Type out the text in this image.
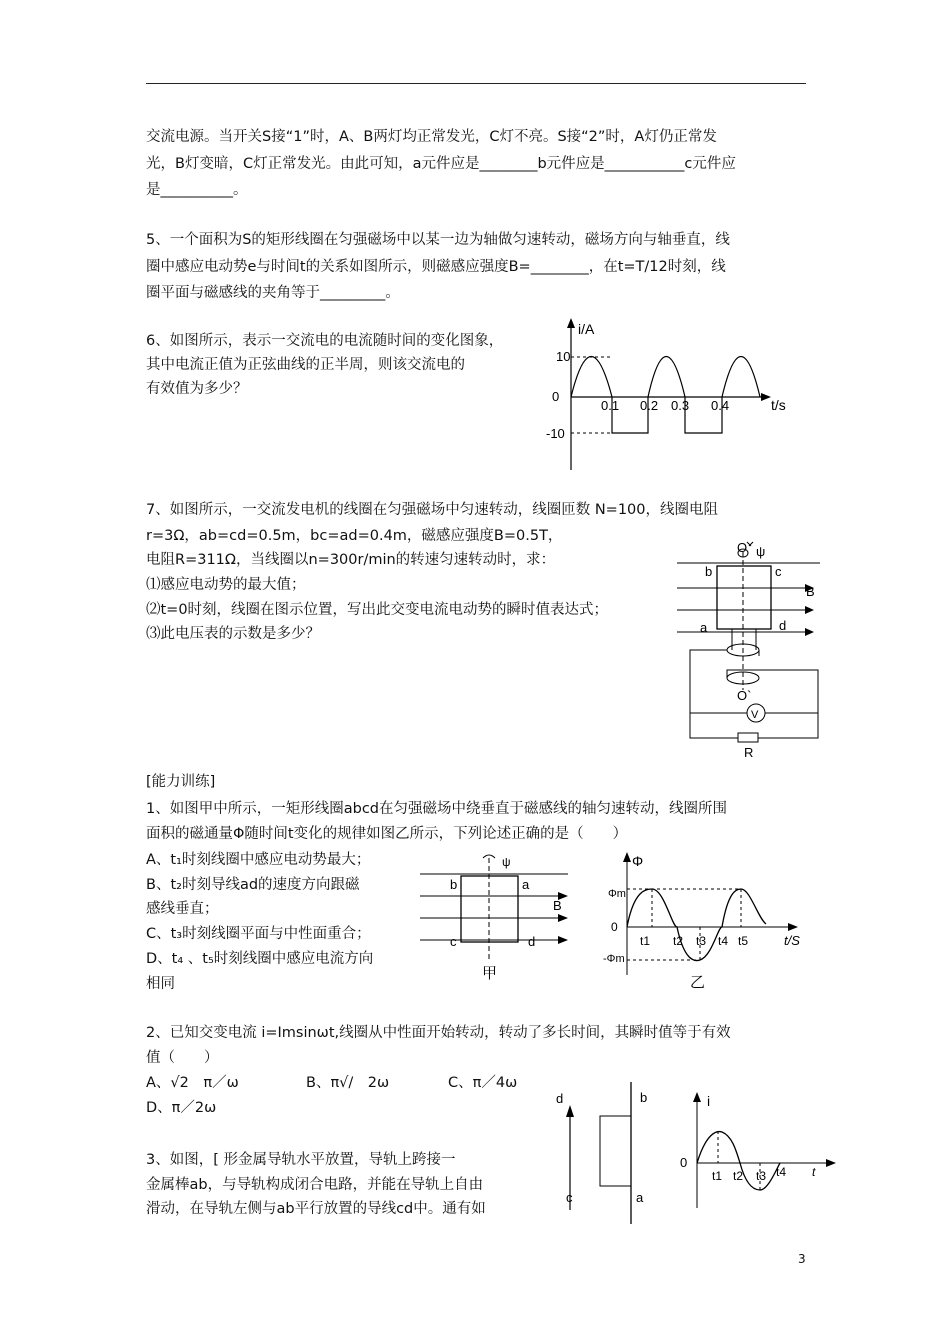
交流电源。当开关S接“1”时，A、B两灯均正常发光，C灯不亮。S接“2”时，A灯仍正常发
光，B灯变暗，C灯正常发光。由此可知，a元件应是________b元件应是___________c元件应
是__________。
5、一个面积为S的矩形线圈在匀强磁场中以某一边为轴做匀速转动，磁场方向与轴垂直，线
圈中感应电动势e与时间t的关系如图所示，则磁感应强度B=________，在t=T/12时刻，线
圈平面与磁感线的夹角等于_________。
6、如图所示，表示一交流电的电流随时间的变化图象，
其中电流正值为正弦曲线的正半周，则该交流电的
有效值为多少？
i/A
10
0
-10
0.1 0.2 0.3 0.4	t/s
7、如图所示，一交流发电机的线圈在匀强磁场中匀速转动，线圈匝数 N=100，线圈电阻
r=3Ω，ab=cd=0.5m，bc=ad=0.4m，磁感应强度B=0.5T，
电阻R=311Ω，当线圈以n=300r/min的转速匀速转动时，求：
⑴感应电动势的最大值；
⑵t=0时刻，线圈在图示位置，写出此交变电流电动势的瞬时值表达式；
⑶此电压表的示数是多少？
O ψ
b	c
B
a	d
O`
V
R
[能力训练]
1、如图甲中所示，一矩形线圈abcd在匀强磁场中绕垂直于磁感线的轴匀速转动，线圈所围
面积的磁通量Φ随时间t变化的规律如图乙所示，下列论述正确的是（　　）
A、t₁时刻线圈中感应电动势最大；
B、t₂时刻导线ad的速度方向跟磁
感线垂直；
C、t₃时刻线圈平面与中性面重合；
D、t₄ 、t₅时刻线圈中感应电流方向
相同
ψ
b	a
B
c	d
甲
Φ
Φm
0
-Φm
t1 t2 t3 t4 t5	t/S
乙
2、已知交变电流 i=Imsinωt,线圈从中性面开始转动，转动了多长时间，其瞬时值等于有效
值（　　）
A、√2　π／ω	B、π√/　2ω	C、π／4ω
D、π／2ω
3、如图，[ 形金属导轨水平放置，导轨上跨接一
金属棒ab，与导轨构成闭合电路，并能在导轨上自由
滑动，在导轨左侧与ab平行放置的导线cd中。通有如
d
c
b
a
i
0
t1 t2 t3 t4 t
3
